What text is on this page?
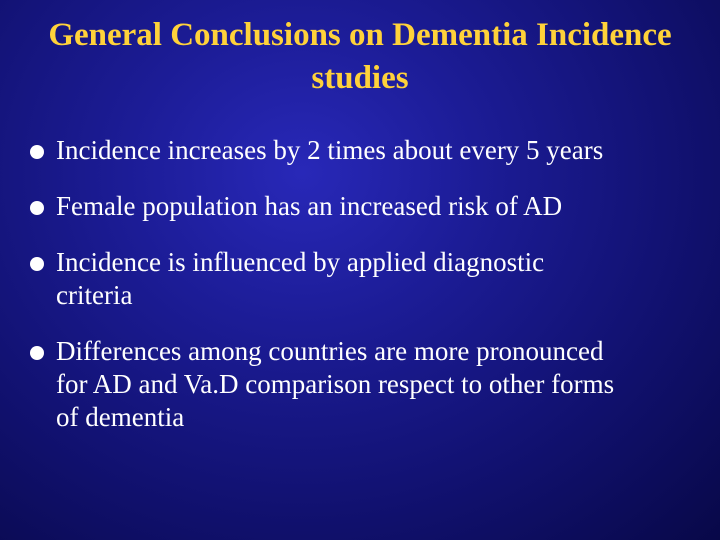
General Conclusions on Dementia Incidence
studies
Incidence increases by 2 times about every 5 years
Female population has an increased risk of AD
Incidence is influenced by applied diagnostic
criteria
Differences among countries are more pronounced
for AD and Va.D comparison respect to other forms
of dementia
